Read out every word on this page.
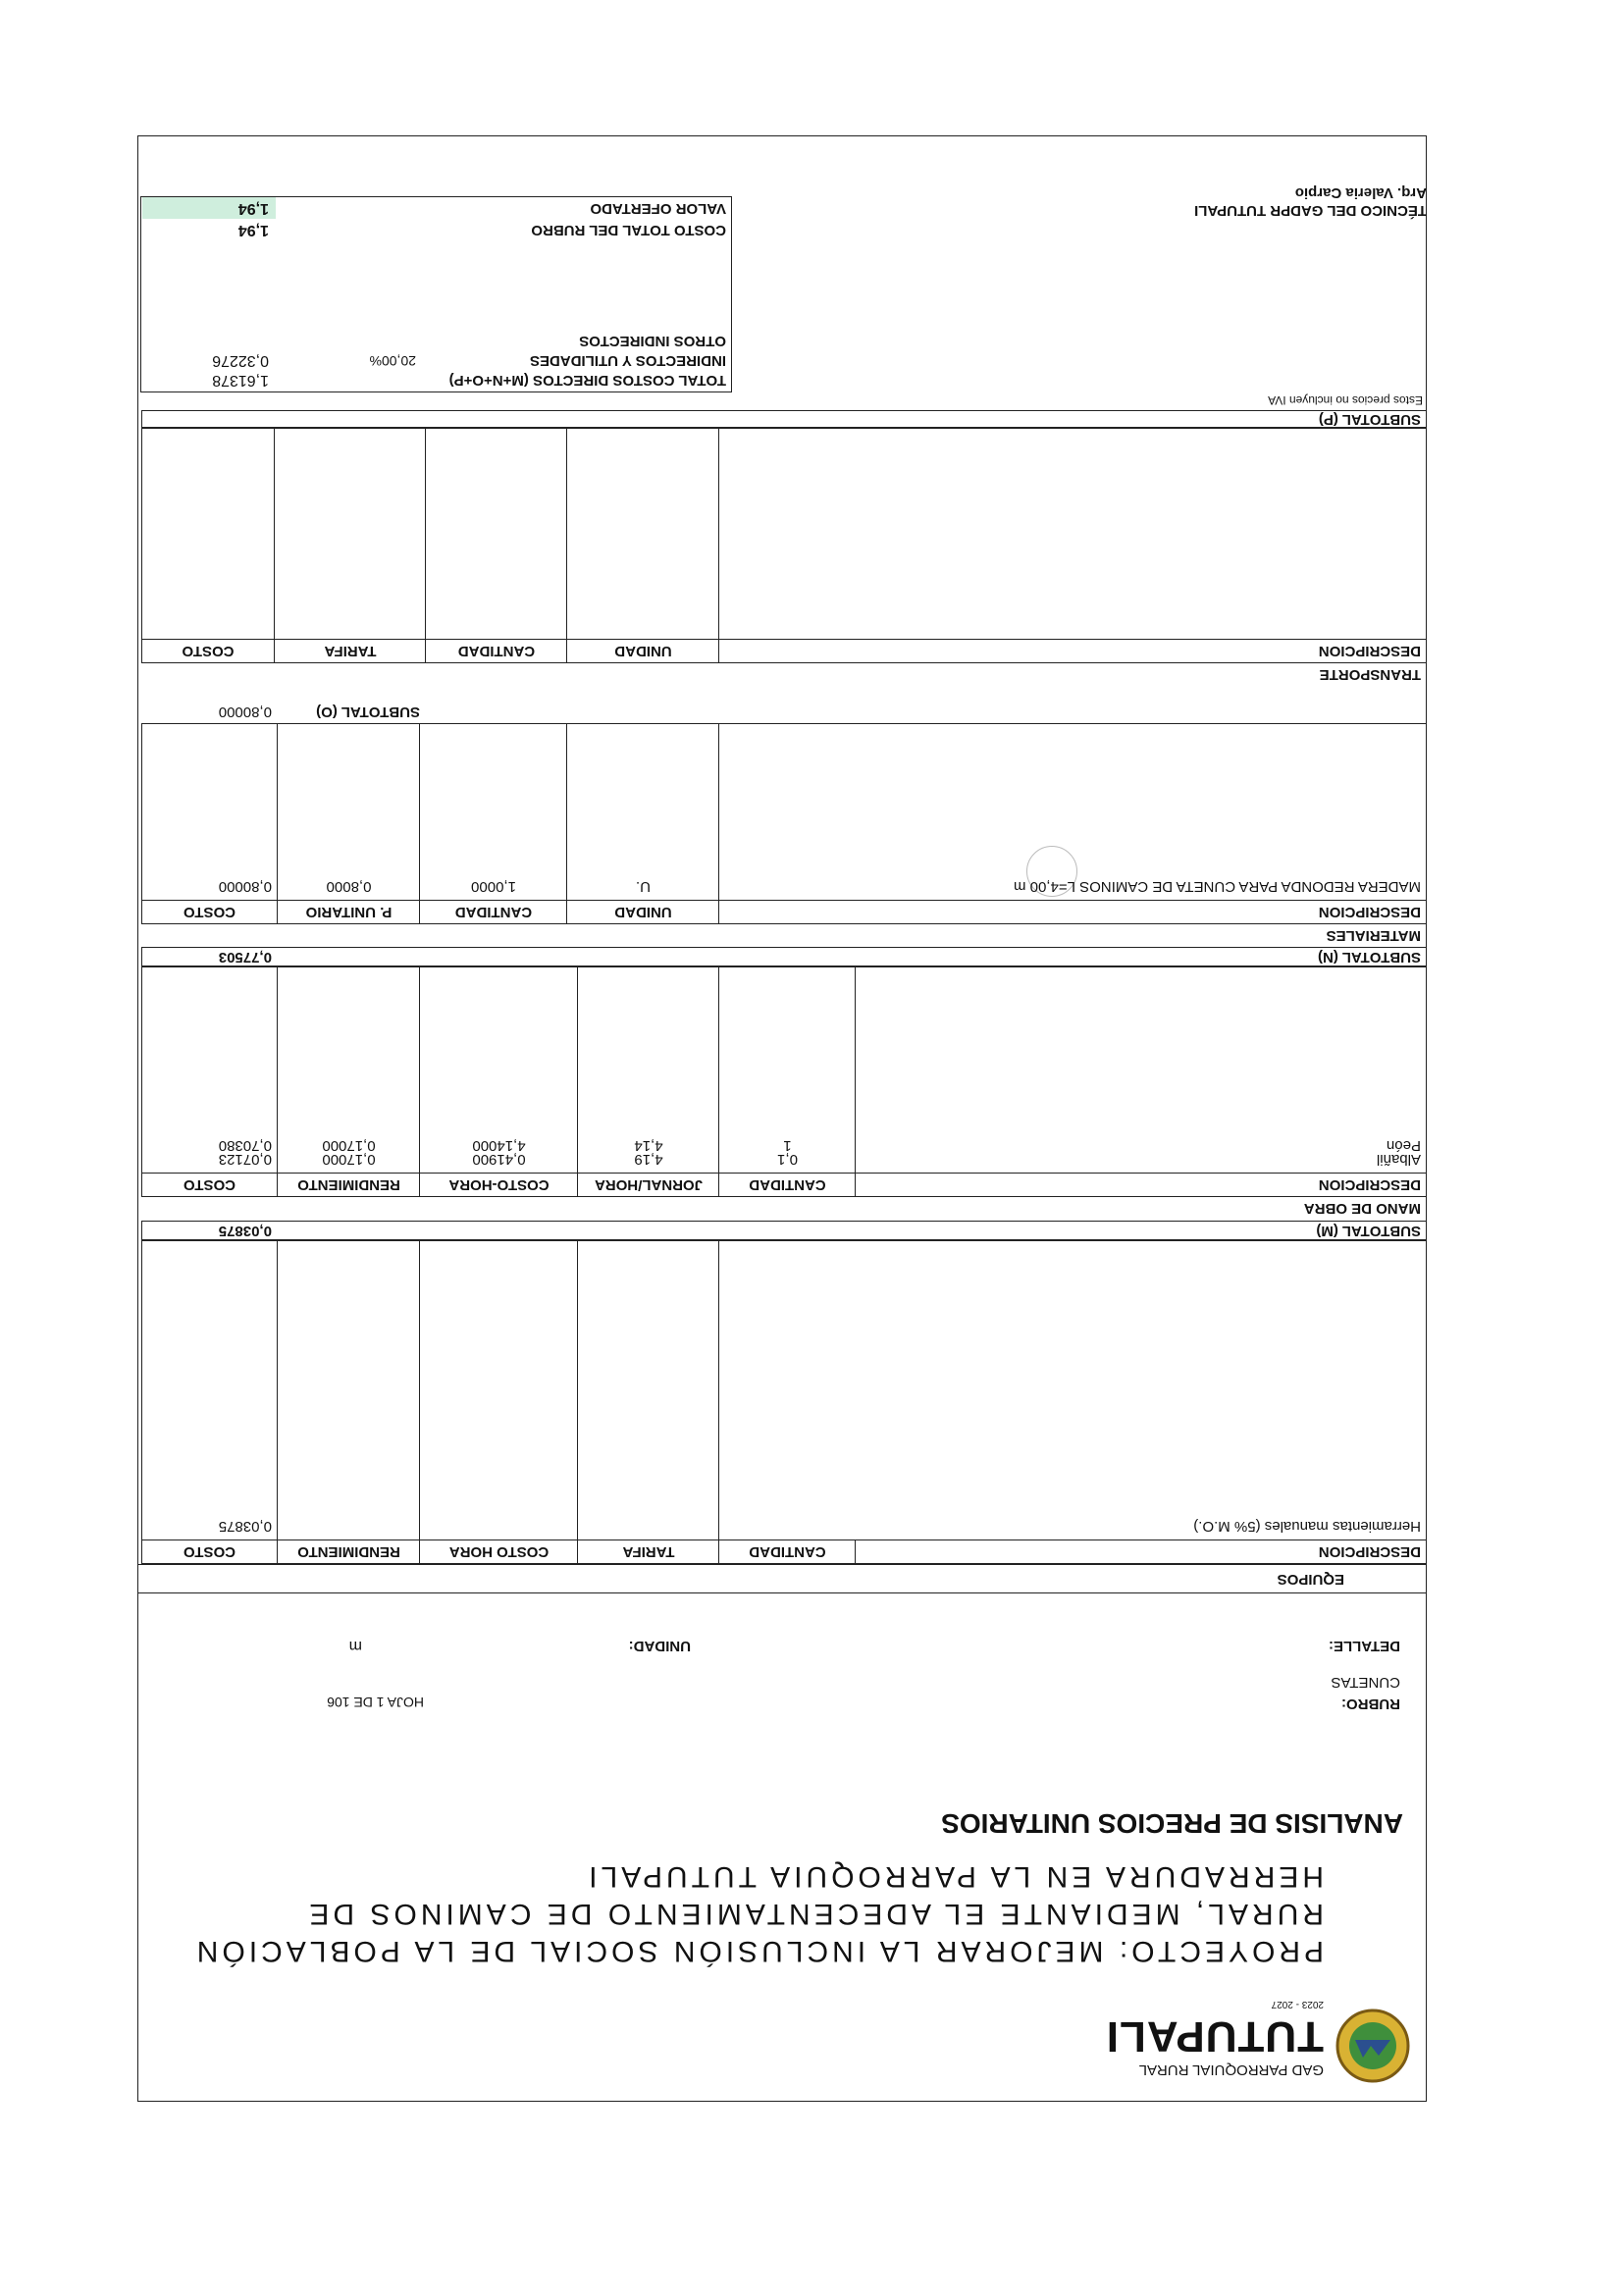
GAD PARROQUIAL RURAL
TUTUPALI
2023 - 2027
PROYECTO: MEJORAR LA INCLUSIÓN SOCIAL DE LA POBLACIÓN
RURAL, MEDIANTE EL ADECENTAMIENTO DE CAMINOS DE
HERRADURA EN LA PARROQUIA TUTUPALI
ANALISIS DE PRECIOS UNITARIOS
RUBRO:
CUNETAS
HOJA 1 DE 106
DETALLE:
UNIDAD:
m
EQUIPOS
DESCRIPCION
CANTIDAD
TARIFA
COSTO HORA
RENDIMIENTO
COSTO
Herramientas manuales (5% M.O.)
0,03875
SUBTOTAL (M)
0,03875
MANO DE OBRA
DESCRIPCION
CANTIDAD
JORNAL/HORA
COSTO-HORA
RENDIMIENTO
COSTO
Albañil
0,1
4,19
0,41900
0,17000
0,07123
Peón
1
4,14
4,14000
0,17000
0,70380
SUBTOTAL (N)
0,77503
MATERIALES
DESCRIPCION
UNIDAD
CANTIDAD
P. UNITARIO
COSTO
MADERA REDONDA PARA CUNETA DE CAMINOS L=4,00 m
U.
1,0000
0,8000
0,80000
SUBTOTAL (O)
0,80000
TRANSPORTE
DESCRIPCION
UNIDAD
CANTIDAD
TARIFA
COSTO
SUBTOTAL (P)
Estos precios no incluyen IVA
TOTAL COSTOS DIRECTOS (M+N+O+P)
1,61378
INDIRECTOS Y UTILIDADES
20,00%
0,32276
OTROS INDIRECTOS
COSTO TOTAL DEL RUBRO
1,94
VALOR OFERTADO
1,94	TÉCNICO DEL GADPR TUTUPALI
Arq. Valeria Carpio
